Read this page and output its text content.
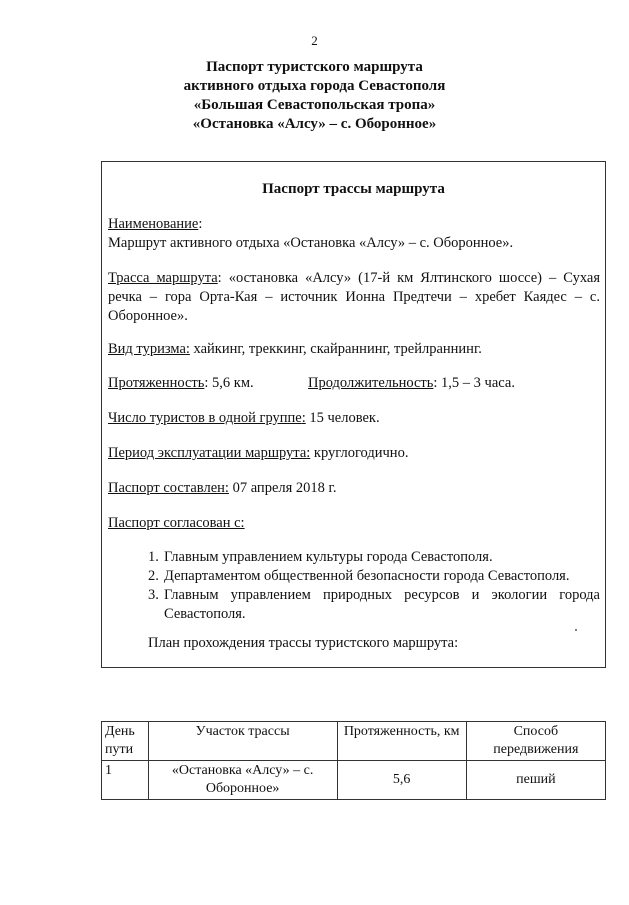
2
Паспорт туристского маршрута
активного отдыха города Севастополя
«Большая Севастопольская тропа»
«Остановка «Алсу» – с. Оборонное»
Паспорт трассы маршрута
Наименование:
Маршрут активного отдыха «Остановка «Алсу» – с. Оборонное».
Трасса маршрута: «остановка «Алсу» (17-й км Ялтинского шоссе) – Сухая речка – гора Орта-Кая – источник Ионна Предтечи – хребет Каядес – с. Оборонное».
Вид туризма: хайкинг, треккинг, скайраннинг, трейлраннинг.
Протяженность: 5,6 км.	Продолжительность: 1,5 – 3 часа.
Число туристов в одной группе: 15 человек.
Период эксплуатации маршрута: круглогодично.
Паспорт составлен: 07 апреля 2018 г.
Паспорт согласован с:
1. Главным управлением культуры города Севастополя.
2. Департаментом общественной безопасности города Севастополя.
3. Главным управлением природных ресурсов и экологии города Севастополя.
План прохождения трассы туристского маршрута:
День пути	Участок трассы	Протяженность, км	Способ передвижения
1	«Остановка «Алсу» – с. Оборонное»	5,6	пеший
